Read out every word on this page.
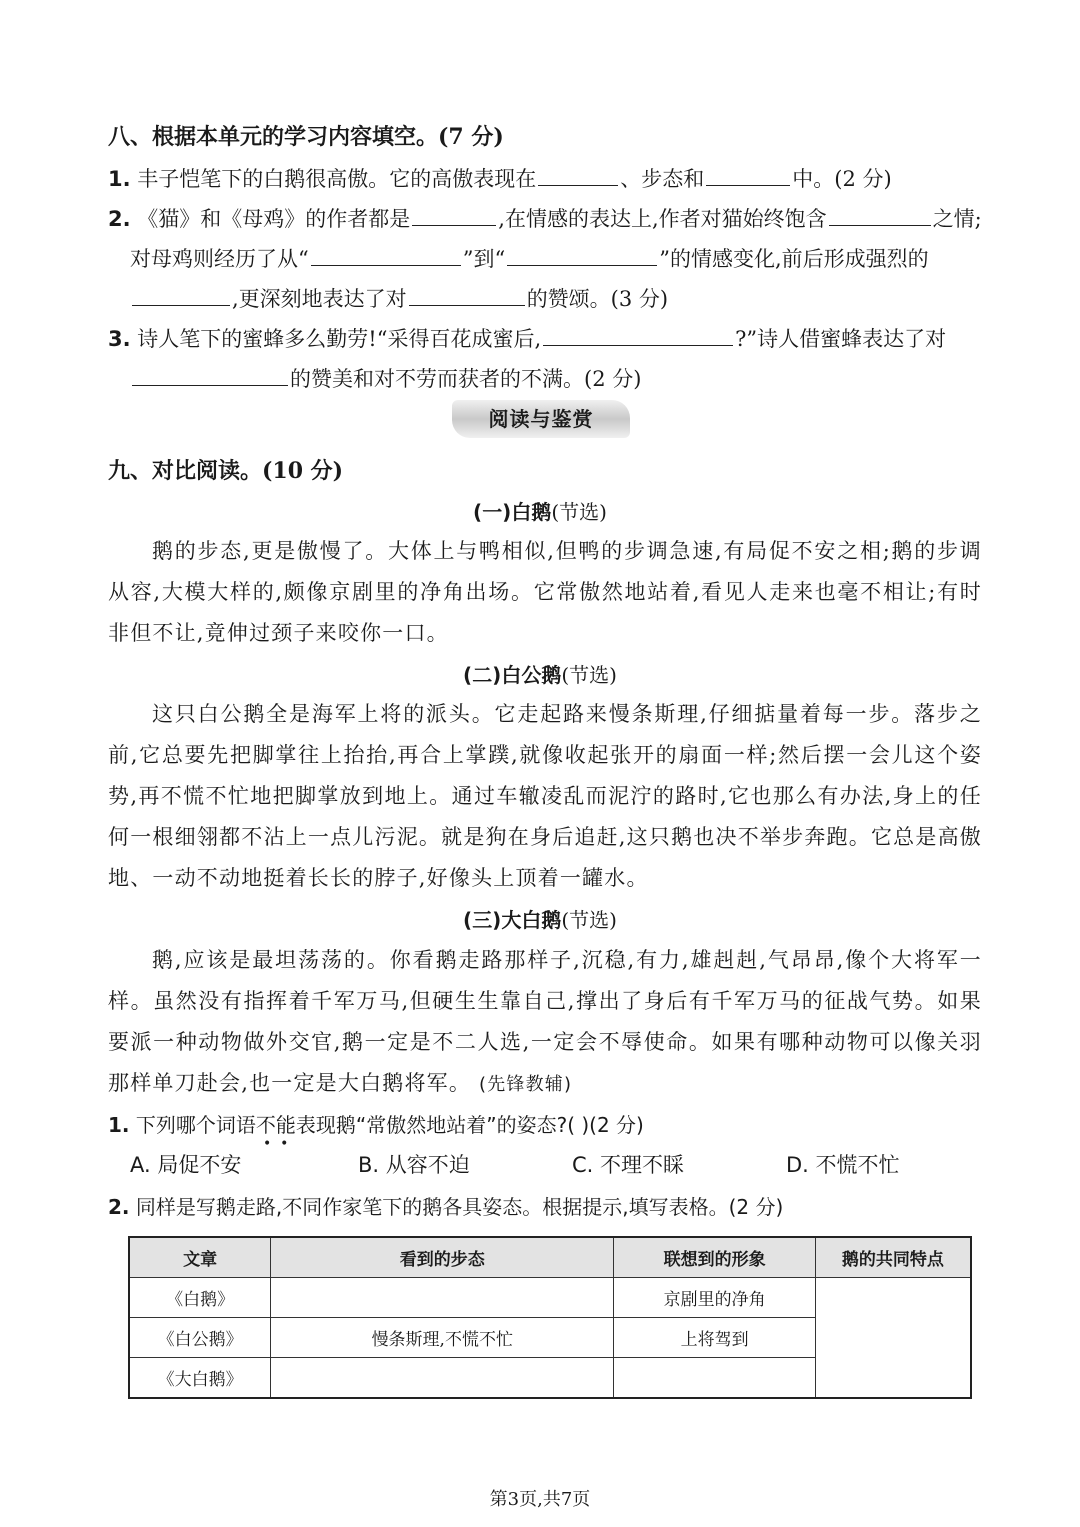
八、根据本单元的学习内容填空。(7 分)
1. 丰子恺笔下的白鹅很高傲。它的高傲表现在	、步态和	中。(2 分)
2. 《猫》和《母鸡》的作者都是	,在情感的表达上,作者对猫始终饱含	之情;
对母鸡则经历了从“	”到“	”的情感变化,前后形成强烈的
,更深刻地表达了对	的赞颂。(3 分)
3. 诗人笔下的蜜蜂多么勤劳!“采得百花成蜜后,	?”诗人借蜜蜂表达了对
的赞美和对不劳而获者的不满。(2 分)
阅读与鉴赏
九、对比阅读。(10 分)
(一)白鹅(节选)
鹅的步态,更是傲慢了。大体上与鸭相似,但鸭的步调急速,有局促不安之相;鹅的步调从容,大模大样的,颇像京剧里的净角出场。它常傲然地站着,看见人走来也毫不相让;有时非但不让,竟伸过颈子来咬你一口。
(二)白公鹅(节选)
这只白公鹅全是海军上将的派头。它走起路来慢条斯理,仔细掂量着每一步。落步之前,它总要先把脚掌往上抬抬,再合上掌蹼,就像收起张开的扇面一样;然后摆一会儿这个姿势,再不慌不忙地把脚掌放到地上。通过车辙凌乱而泥泞的路时,它也那么有办法,身上的任何一根细翎都不沾上一点儿污泥。就是狗在身后追赶,这只鹅也决不举步奔跑。它总是高傲地、一动不动地挺着长长的脖子,好像头上顶着一罐水。
(三)大白鹅(节选)
鹅,应该是最坦荡荡的。你看鹅走路那样子,沉稳,有力,雄赳赳,气昂昂,像个大将军一样。虽然没有指挥着千军万马,但硬生生靠自己,撑出了身后有千军万马的征战气势。如果要派一种动物做外交官,鹅一定是不二人选,一定会不辱使命。如果有哪种动物可以像关羽那样单刀赴会,也一定是大白鹅将军。 (先锋教辅)
1. 下列哪个词语不能表现鹅“常傲然地站着”的姿态?( )(2 分)
•  •
A. 局促不安	B. 从容不迫	C. 不理不睬	D. 不慌不忙
2. 同样是写鹅走路,不同作家笔下的鹅各具姿态。根据提示,填写表格。(2 分)
文章	看到的步态	联想到的形象	鹅的共同特点
《白鹅》		京剧里的净角	
《白公鹅》	慢条斯理,不慌不忙	上将驾到	
《大白鹅》			
第3页,共7页
